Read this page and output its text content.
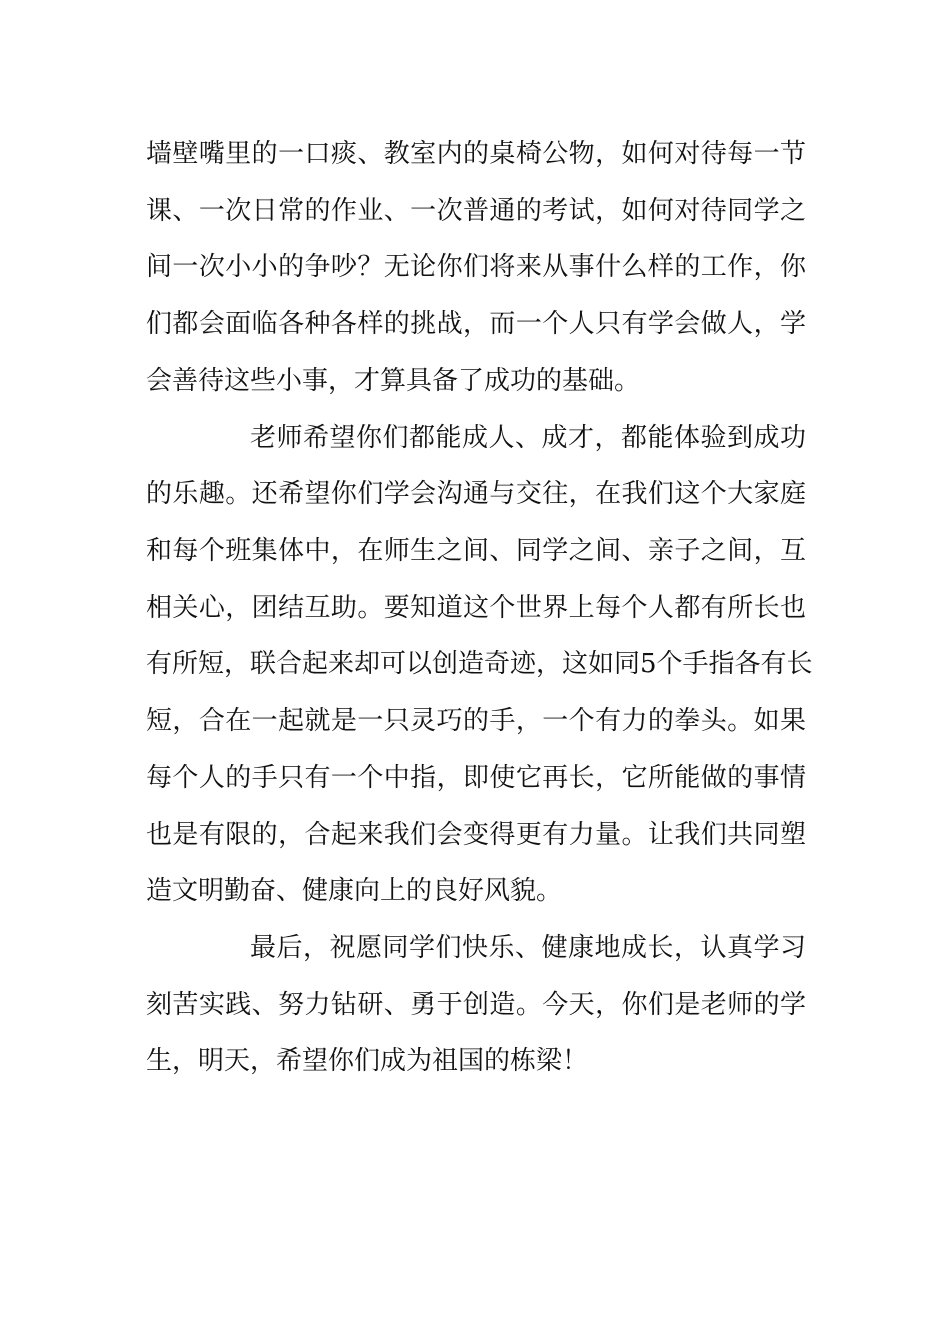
墙壁嘴里的一口痰、教室内的桌椅公物，如何对待每一节
课、一次日常的作业、一次普通的考试，如何对待同学之
间一次小小的争吵？无论你们将来从事什么样的工作，你
们都会面临各种各样的挑战，而一个人只有学会做人，学
会善待这些小事，才算具备了成功的基础。
老师希望你们都能成人、成才，都能体验到成功
的乐趣。还希望你们学会沟通与交往，在我们这个大家庭
和每个班集体中，在师生之间、同学之间、亲子之间，互
相关心，团结互助。要知道这个世界上每个人都有所长也
有所短，联合起来却可以创造奇迹，这如同5个手指各有长
短，合在一起就是一只灵巧的手，一个有力的拳头。如果
每个人的手只有一个中指，即使它再长，它所能做的事情
也是有限的，合起来我们会变得更有力量。让我们共同塑
造文明勤奋、健康向上的良好风貌。
最后，祝愿同学们快乐、健康地成长，认真学习
刻苦实践、努力钻研、勇于创造。今天，你们是老师的学
生，明天，希望你们成为祖国的栋梁！
